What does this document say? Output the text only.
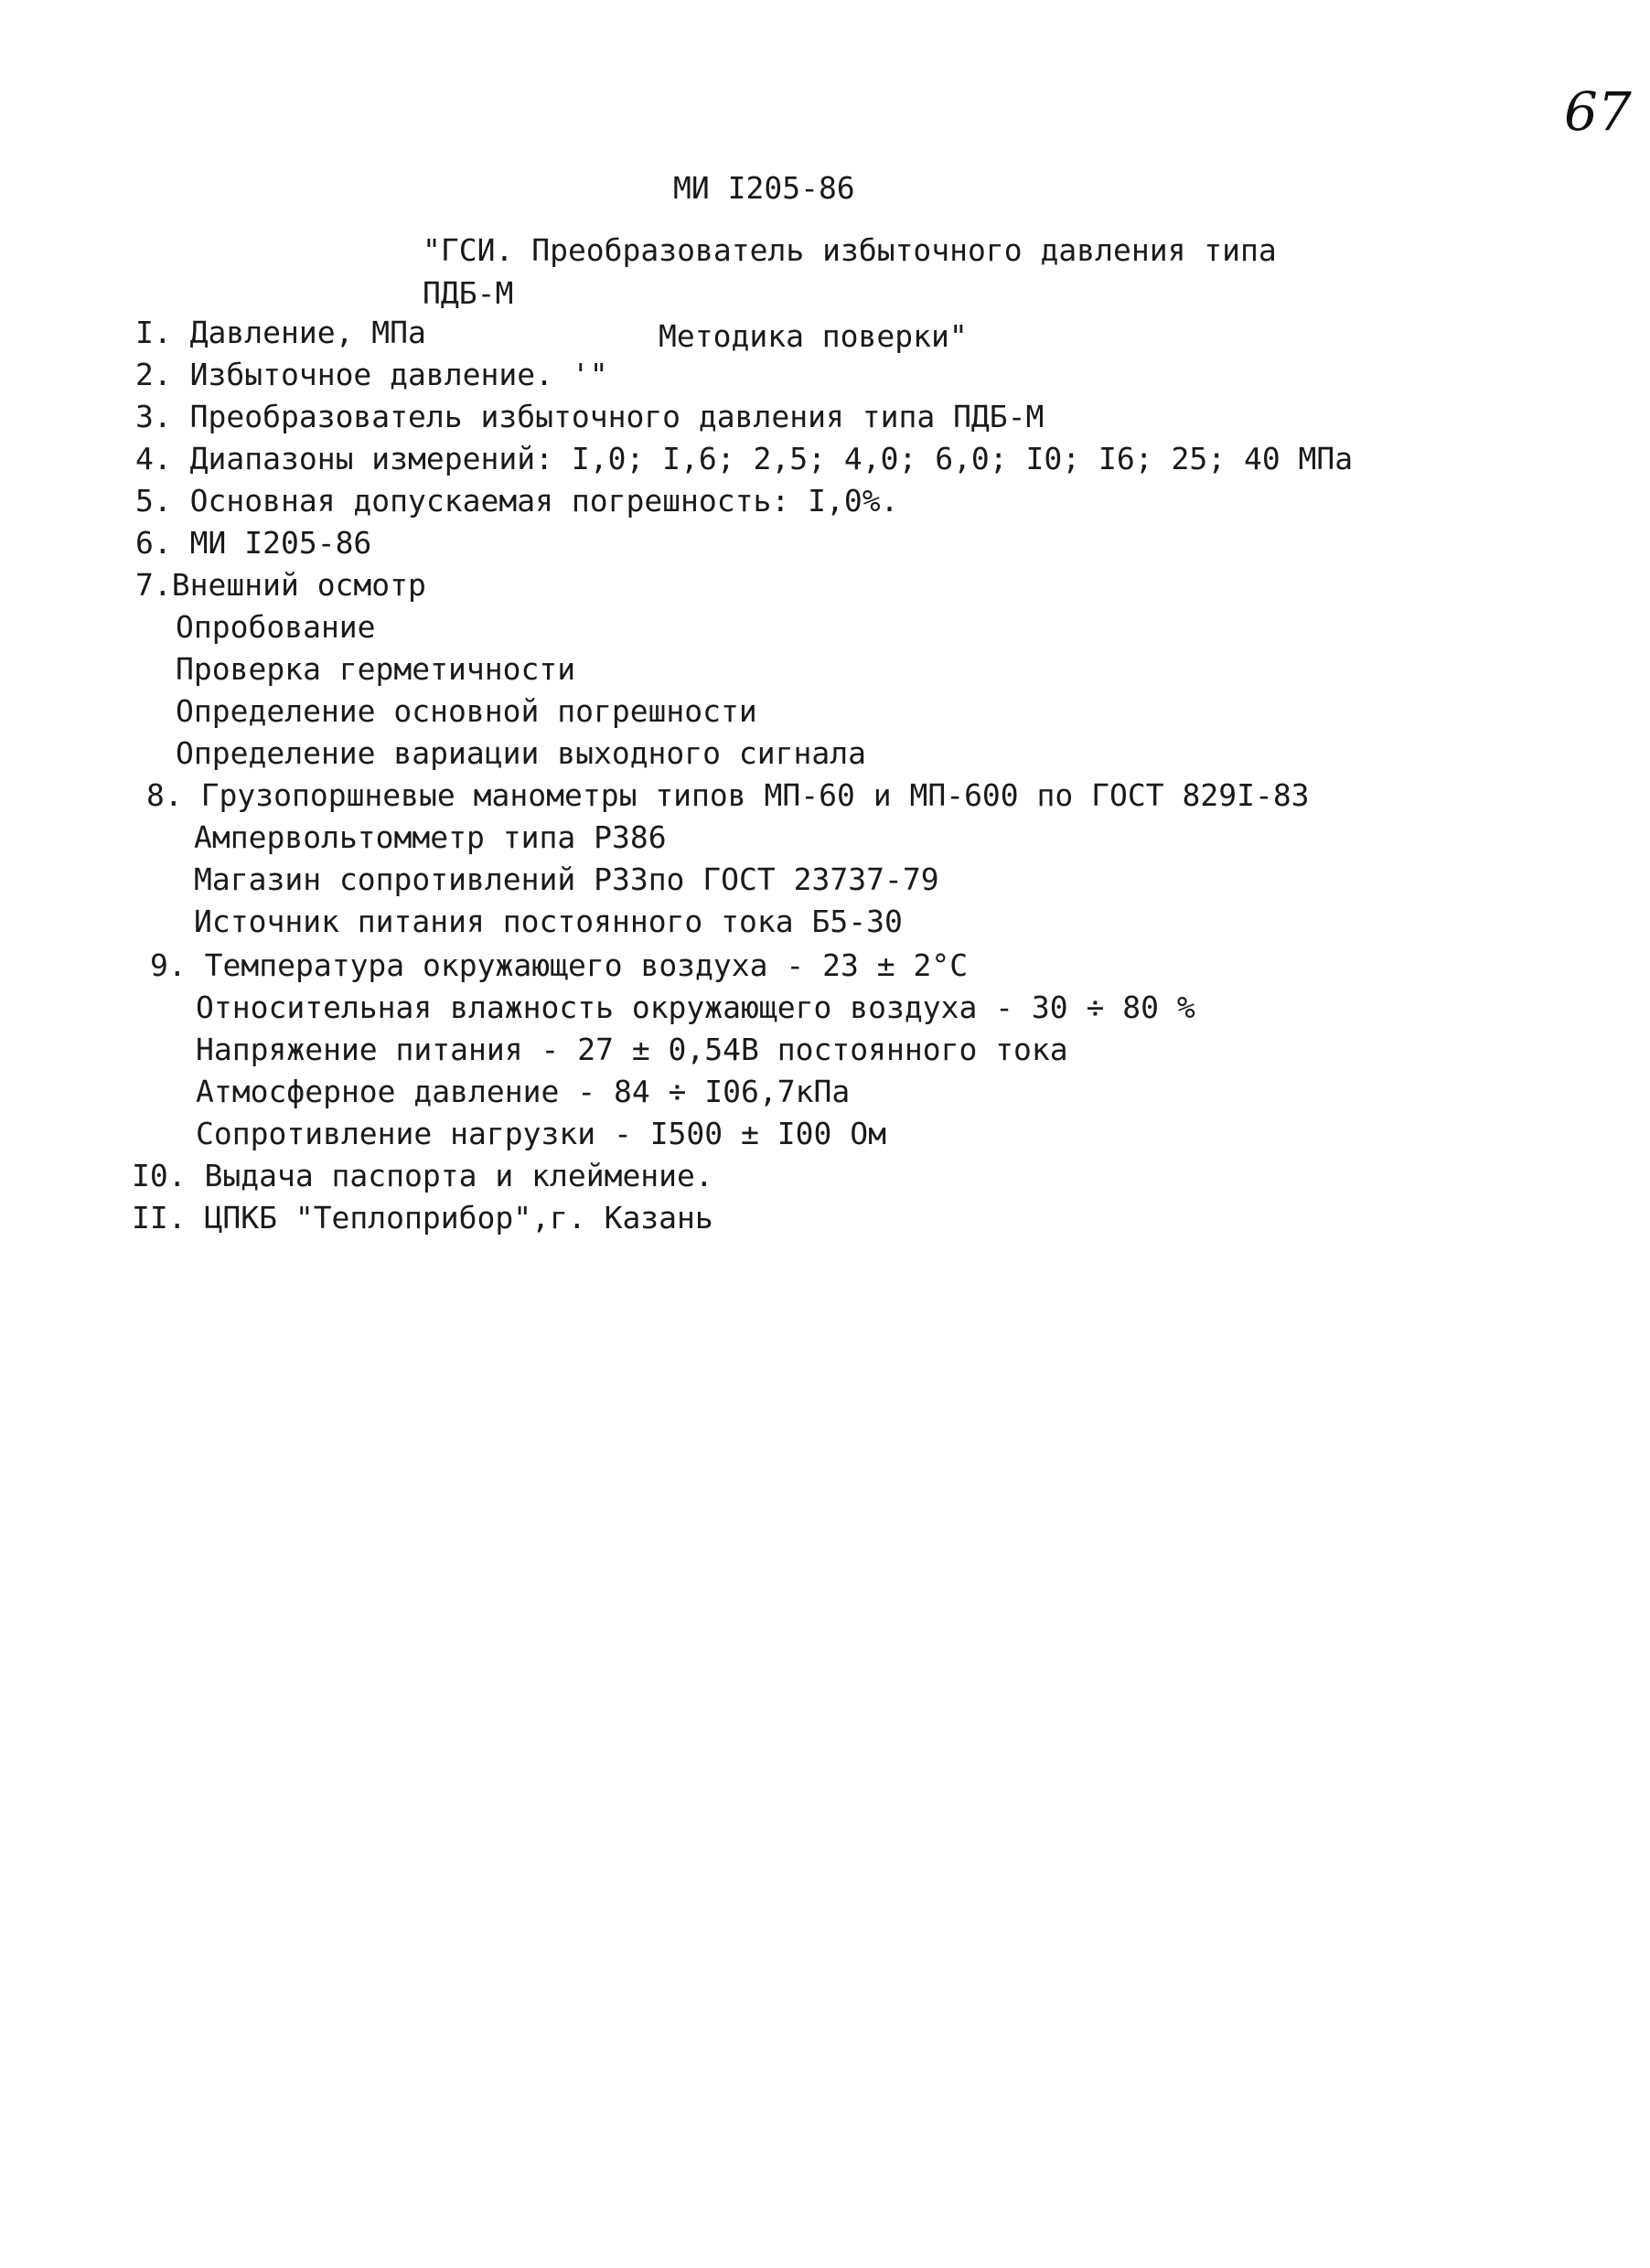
67
МИ I205-86
"ГСИ. Преобразователь избыточного давления типа ПДБ-М
Методика поверки"
I. Давление, МПа
2. Избыточное давление. '"
3. Преобразователь избыточного давления типа ПДБ-М
4. Диапазоны измерений: I,0; I,6; 2,5; 4,0; 6,0; I0; I6; 25; 40 МПа
5. Основная допускаемая погрешность: I,0%.
6. МИ I205-86
7.Внешний осмотр
Опробование
Проверка герметичности
Определение основной погрешности
Определение вариации выходного сигнала
8. Грузопоршневые манометры типов МП-60 и МП-600 по ГОСТ 829I-83
Ампервольтомметр типа Р386
Магазин сопротивлений Р33по ГОСТ 23737-79
Источник питания постоянного тока Б5-30
9. Температура окружающего воздуха - 23 ± 2°С
Относительная влажность окружающего воздуха - 30 ÷ 80 %
Напряжение питания - 27 ± 0,54В постоянного тока
Атмосферное давление - 84 ÷ I06,7кПа
Сопротивление нагрузки - I500 ± I00 Ом
I0. Выдача паспорта и клеймение.
II. ЦПКБ "Теплоприбор",г. Казань
